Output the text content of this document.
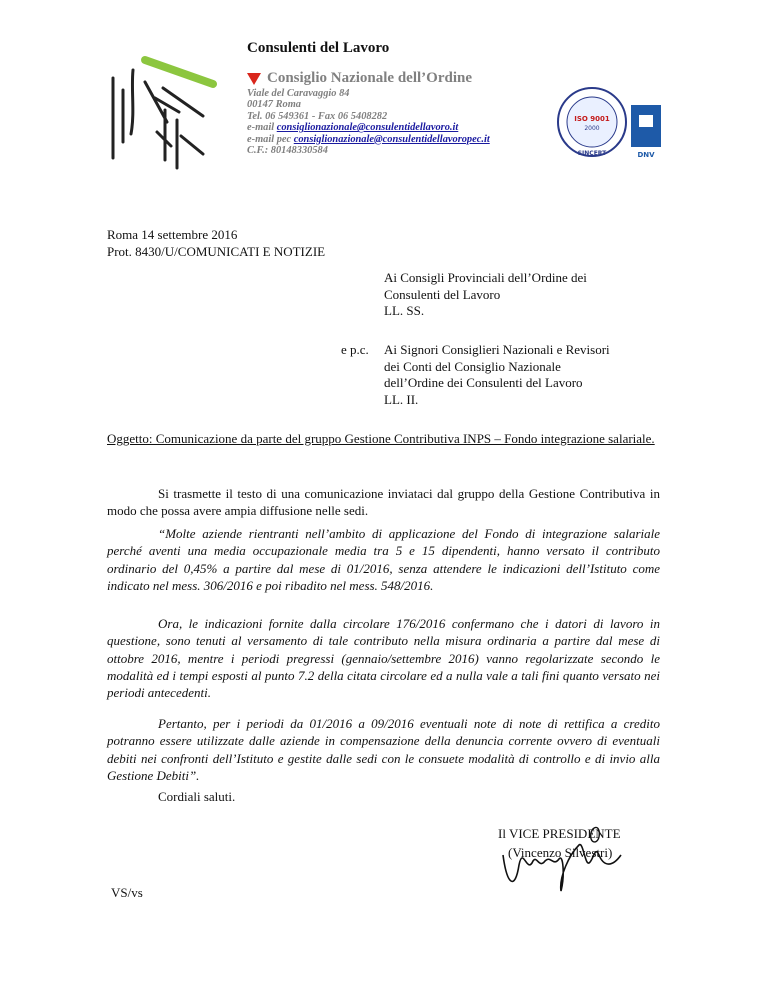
Consulenti del Lavoro
Consiglio Nazionale dell’Ordine
Viale del Caravaggio 84
00147 Roma
Tel. 06 549361 - Fax 06 5408282
e-mail consiglionazionale@consulentidellavoro.it
e-mail pec consiglionazionale@consulentidellavoropec.it
C.F.: 80148330584
ISO 9001
2000
SINCERT	DNV
Roma 14 settembre 2016
Prot. 8430/U/COMUNICATI E NOTIZIE
Ai Consigli Provinciali dell’Ordine dei
Consulenti del Lavoro
LL. SS.
e p.c. Ai Signori Consiglieri Nazionali e Revisori
dei Conti del Consiglio Nazionale
dell’Ordine dei Consulenti del Lavoro
LL. II.
Oggetto: Comunicazione da parte del gruppo Gestione Contributiva INPS – Fondo integrazione salariale.
Si trasmette il testo di una comunicazione inviataci dal gruppo della Gestione Contributiva in modo che possa avere ampia diffusione nelle sedi.
“Molte aziende rientranti nell’ambito di applicazione del Fondo di integrazione salariale perché aventi una media occupazionale media tra 5 e 15 dipendenti, hanno versato il contributo ordinario del 0,45% a partire dal mese di 01/2016, senza attendere le indicazioni dell’Istituto come indicato nel mess. 306/2016 e poi ribadito nel mess. 548/2016.
Ora, le indicazioni fornite dalla circolare 176/2016 confermano che i datori di lavoro in questione, sono tenuti al versamento di tale contributo nella misura ordinaria a partire dal mese di ottobre 2016, mentre i periodi pregressi (gennaio/settembre 2016) vanno regolarizzate secondo le modalità ed i tempi esposti al punto 7.2 della citata circolare ed a nulla vale a tali fini quanto versato nei periodi antecedenti.
Pertanto, per i periodi da 01/2016 a 09/2016 eventuali note di note di rettifica a credito potranno essere utilizzate dalle aziende in compensazione della denuncia corrente ovvero di eventuali debiti nei confronti dell’Istituto e gestite dalle sedi con le consuete modalità di controllo e di invio alla Gestione Debiti”.
Cordiali saluti.
Il VICE PRESIDENTE
(Vincenzo Silvestri)
VS/vs
